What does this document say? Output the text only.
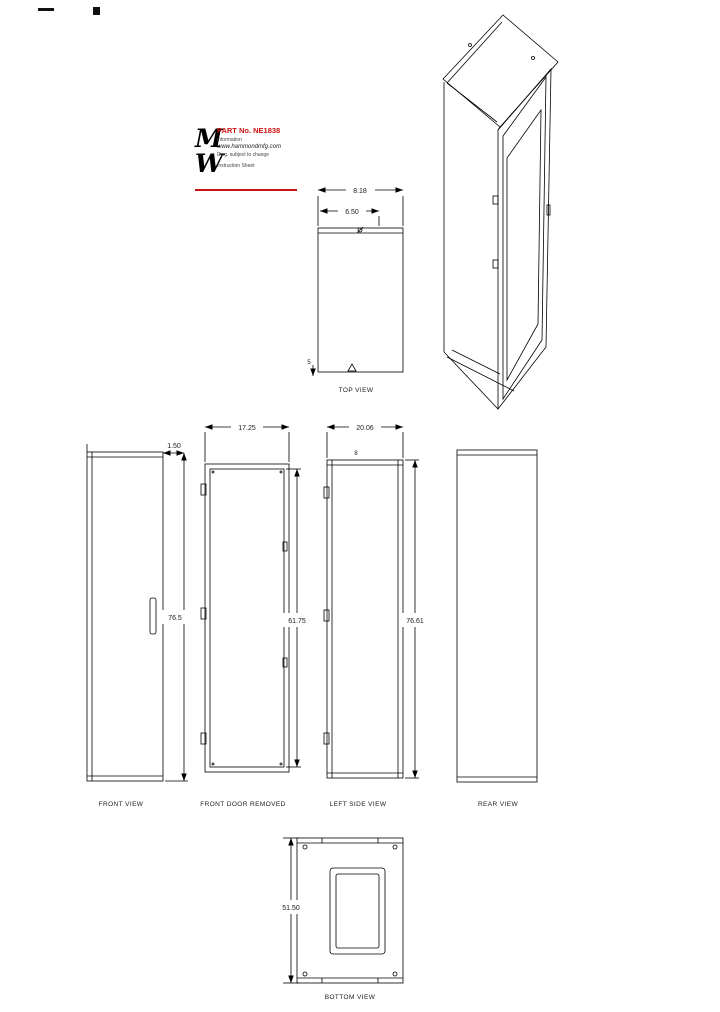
M
W
PART No. NE1838
information
www.hammondmfg.com
Dwg. subject to change
Instruction Sheet
8.18
6.50
5
TOP VIEW
1.50
76.5
FRONT VIEW
17.25
61.75
FRONT DOOR REMOVED
20.06
8
76.61
LEFT SIDE VIEW	REAR VIEW
51.50
BOTTOM VIEW
